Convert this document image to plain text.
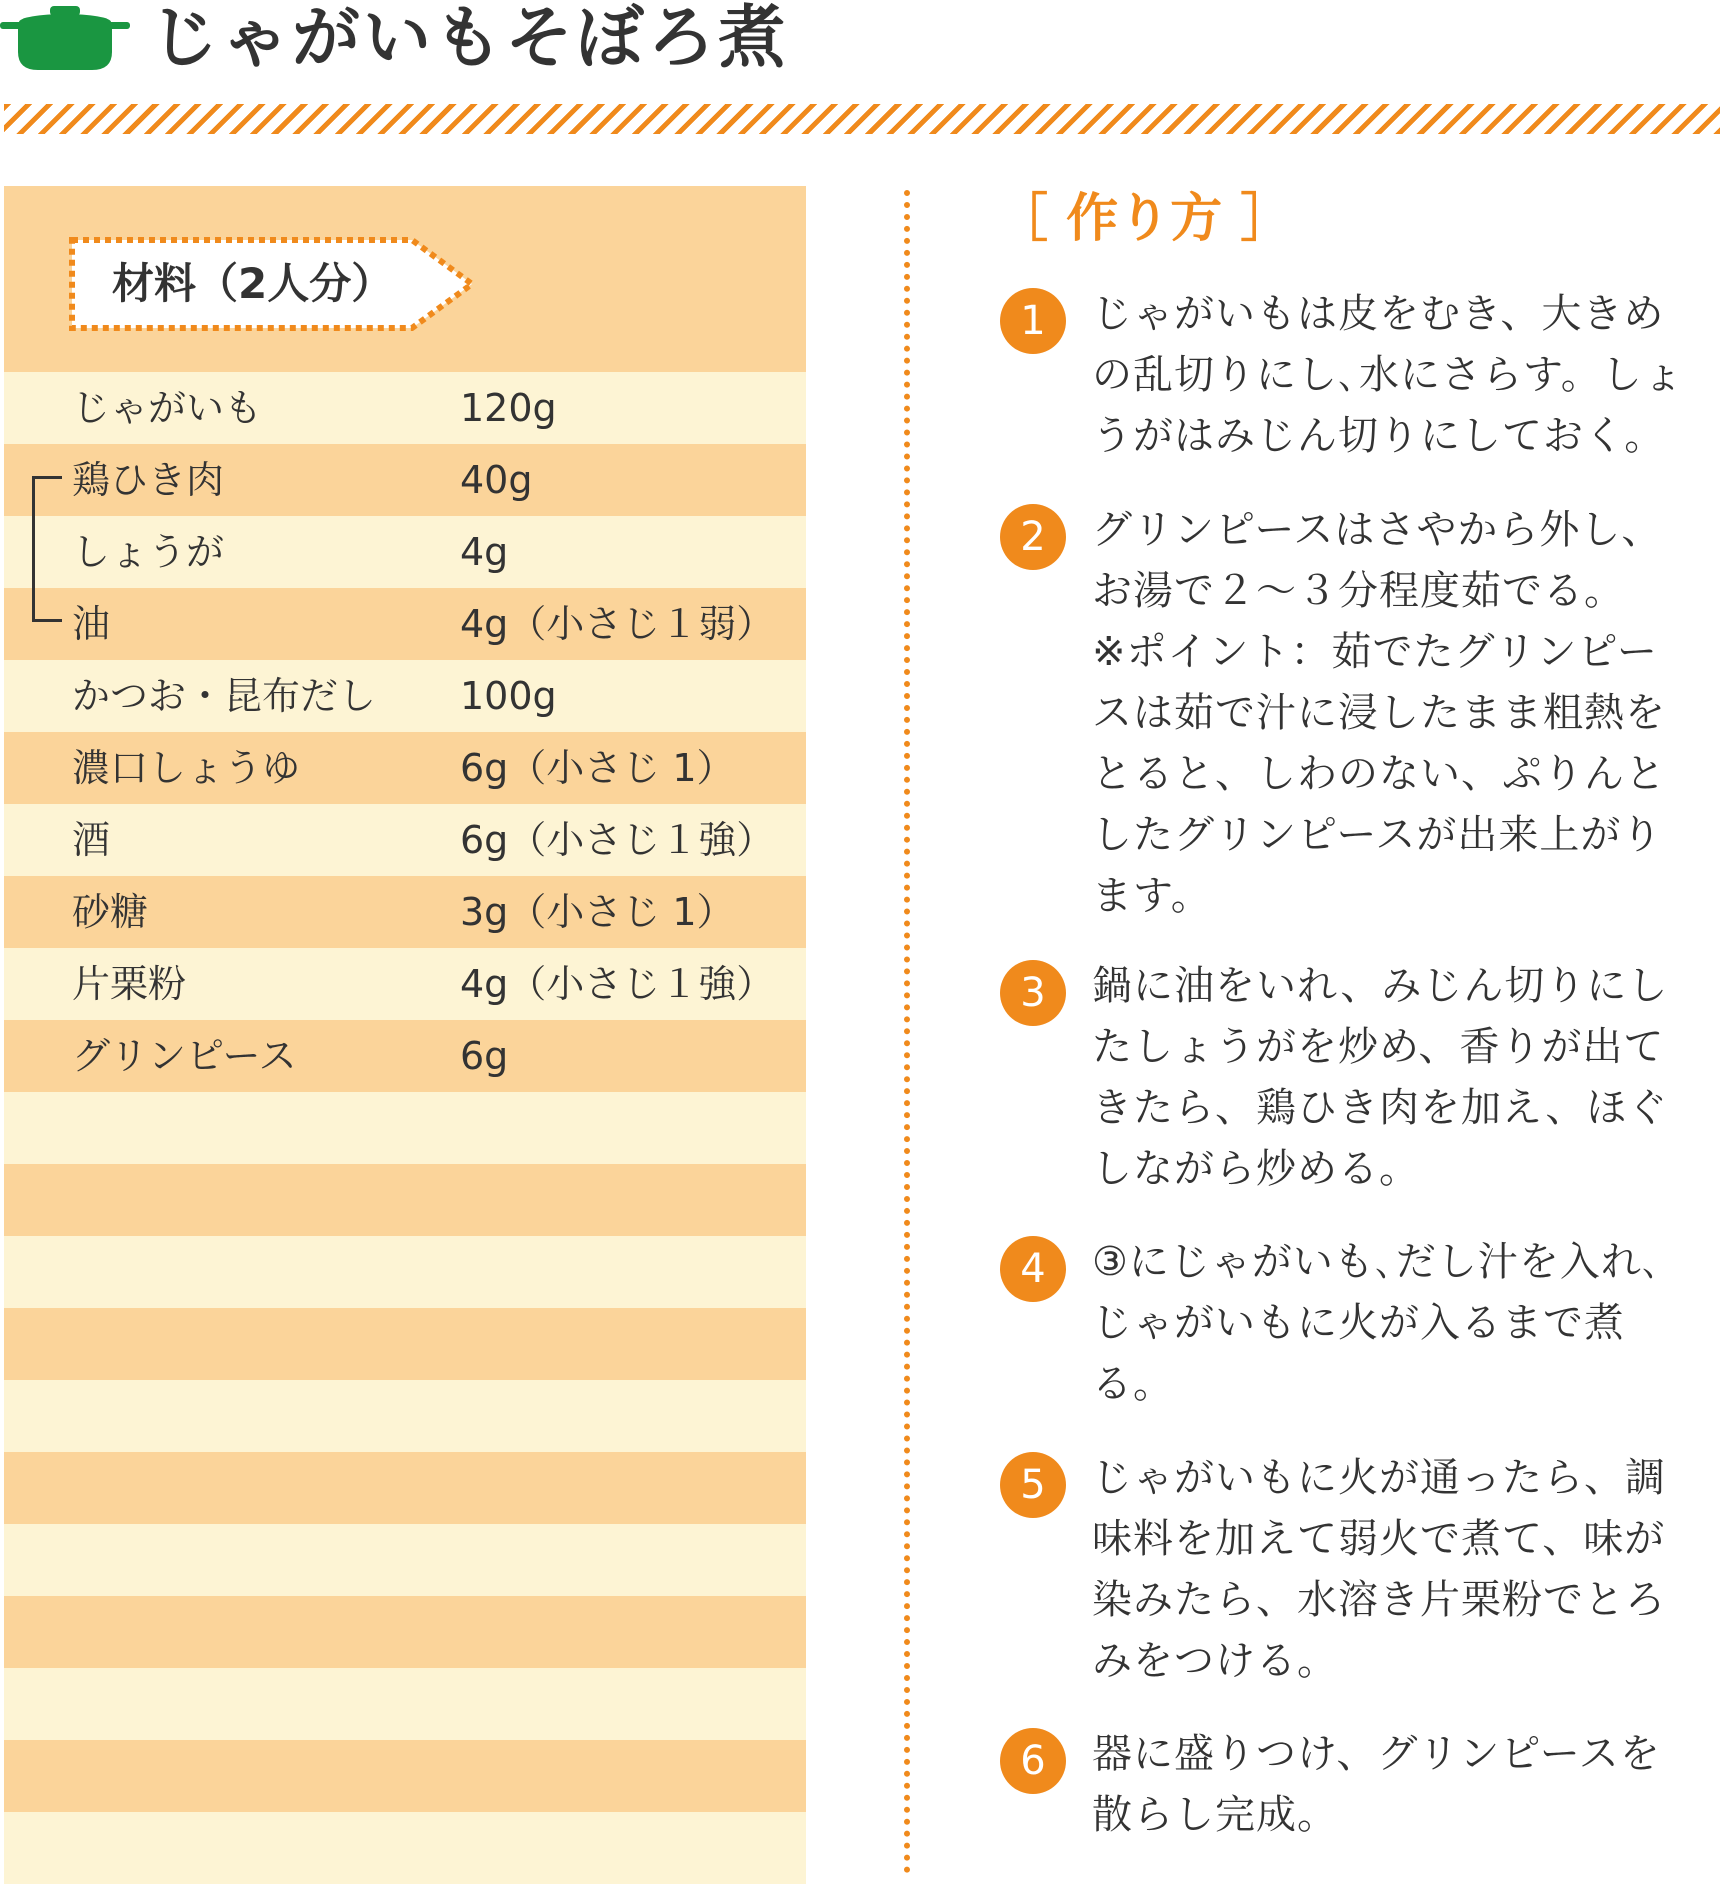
じゃがいもそぼろ煮
材料（2人分）
じゃがいも	120g
鶏ひき肉	40g
しょうが	4g
油	4g（小さじ１弱）
かつお・昆布だし 100g
濃口しょうゆ	6g（小さじ 1）
酒	6g（小さじ１強）
砂糖	3g（小さじ 1）
片栗粉	4g（小さじ１強）
グリンピース	6g
［ 作り方 ］
1	じゃがいもは皮をむき、大きめ
の乱切りにし､水にさらす。しょ
うがはみじん切りにしておく。
2	グリンピースはさやから外し、
お湯で２～３分程度茹でる。
※ポイント：茹でたグリンピー
スは茹で汁に浸したまま粗熱を
とると、しわのない、ぷりんと
したグリンピースが出来上がり
ます。
3	鍋に油をいれ、みじん切りにし
たしょうがを炒め、香りが出て
きたら、鶏ひき肉を加え、ほぐ
しながら炒める。
4	③にじゃがいも､だし汁を入れ､
じゃがいもに火が入るまで煮
る。
5	じゃがいもに火が通ったら、調
味料を加えて弱火で煮て、味が
染みたら、水溶き片栗粉でとろ
みをつける。
6	器に盛りつけ、グリンピースを
散らし完成。
